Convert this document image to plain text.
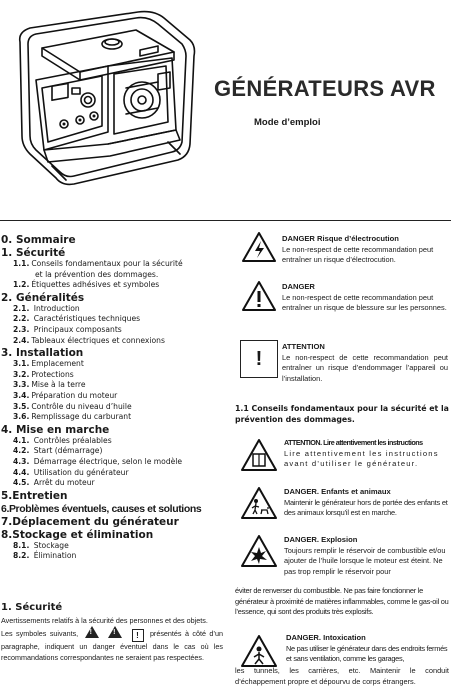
GÉNÉRATEURS AVR
Mode d’emploi
0. Sommaire
1. Sécurité
1.1. Conseils fondamentaux pour la sécurité
et la prévention des dommages.
1.2. Étiquettes adhésives et symboles
2. Généralités
2.1. Introduction
2.2. Caractéristiques techniques
2.3. Principaux composants
2.4. Tableaux électriques et connexions
3. Installation
3.1. Emplacement
3.2. Protections
3.3. Mise à la terre
3.4. Préparation du moteur
3.5. Contrôle du niveau d’huile
3.6. Remplissage du carburant
4. Mise en marche
4.1. Contrôles préalables
4.2. Start (démarrage)
4.3. Démarrage électrique, selon le modèle
4.4. Utilisation du générateur
4.5. Arrêt du moteur
5.Entretien
6.Problèmes éventuels, causes et solutions
7.Déplacement du générateur
8.Stockage et élimination
8.1. Stockage
8.2. Élimination
1. Sécurité

Avertissements relatifs à la sécurité des personnes et des objets.

Les symboles suivants, ! !	! présentés à côté d’un paragraphe, indiquent un danger éventuel dans le cas où les recommandations correspondantes ne seraient pas respectées.

DANGER Risque d’électrocution
Le non-respect de cette recommandation peut entraîner un risque d’électrocution.
DANGER
Le non-respect de cette recommandation peut entraîner un risque de blessure sur les personnes.
!
ATTENTION
Le non-respect de cette recommandation peut entraîner un risque d’endommager l’appareil ou l’installation.
1.1 Conseils fondamentaux pour la sécurité et la prévention des dommages.
ATTENTION. Lire attentivement les instructions
Lire attentivement les instructions avant d’utiliser le générateur.
DANGER. Enfants et animaux
Maintenir le générateur hors de portée des enfants et des animaux lorsqu’il est en marche.
DANGER. Explosion
Toujours remplir le réservoir de combustible et/ou ajouter de l’huile lorsque le moteur est éteint. Ne pas trop remplir le réservoir pour
éviter de renverser du combustible. Ne pas faire fonctionner le générateur à proximité de matières inflammables, comme le gas-oil ou l’essence, qui sont des produits très explosifs.
DANGER. Intoxication
Ne pas utiliser le générateur dans des endroits fermés et sans ventilation, comme les garages,
les tunnels, les carrières, etc. Maintenir le conduit d’échappement propre et dépourvu de corps étrangers.
